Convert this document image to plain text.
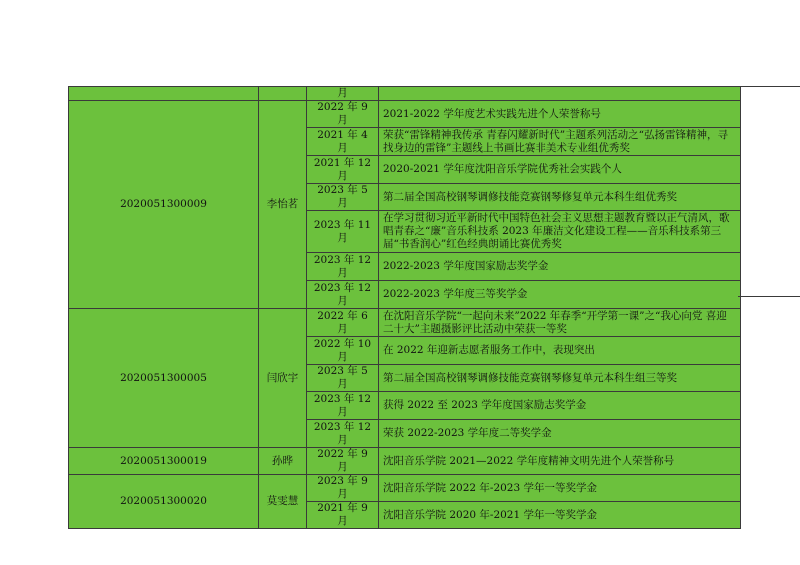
		月	
2020051300009	李怡茗	2022 年 9 月	2021-2022 学年度艺术实践先进个人荣誉称号
		2021 年 4 月	荣获“雷锋精神我传承 青春闪耀新时代”主题系列活动之“弘扬雷锋精神，寻找身边的雷锋”主题线上书画比赛非美术专业组优秀奖
		2021 年 12 月	2020-2021 学年度沈阳音乐学院优秀社会实践个人
		2023 年 5 月	第二届全国高校钢琴调修技能竞赛钢琴修复单元本科生组优秀奖
		2023 年 11 月	在学习贯彻习近平新时代中国特色社会主义思想主题教育暨以正气清风，歌唱青春之“廉”音乐科技系 2023 年廉洁文化建设工程——音乐科技系第三届“书香润心”红色经典朗诵比赛优秀奖
		2023 年 12 月	2022-2023 学年度国家励志奖学金
		2023 年 12 月	2022-2023 学年度三等奖学金
2020051300005	闫欣宇	2022 年 6 月	在沈阳音乐学院“一起向未来”2022 年春季“开学第一课”之“我心向党 喜迎二十大”主题摄影评比活动中荣获一等奖
		2022 年 10 月	在 2022 年迎新志愿者服务工作中，表现突出
		2023 年 5 月	第二届全国高校钢琴调修技能竞赛钢琴修复单元本科生组三等奖
		2023 年 12 月	获得 2022 至 2023 学年度国家励志奖学金
		2023 年 12 月	荣获 2022-2023 学年度二等奖学金
2020051300019	孙晔	2022 年 9 月	沈阳音乐学院 2021—2022 学年度精神文明先进个人荣誉称号
2020051300020	莫雯慧	2023 年 9 月	沈阳音乐学院 2022 年-2023 学年一等奖学金
		2021 年 9 月	沈阳音乐学院 2020 年-2021 学年一等奖学金
